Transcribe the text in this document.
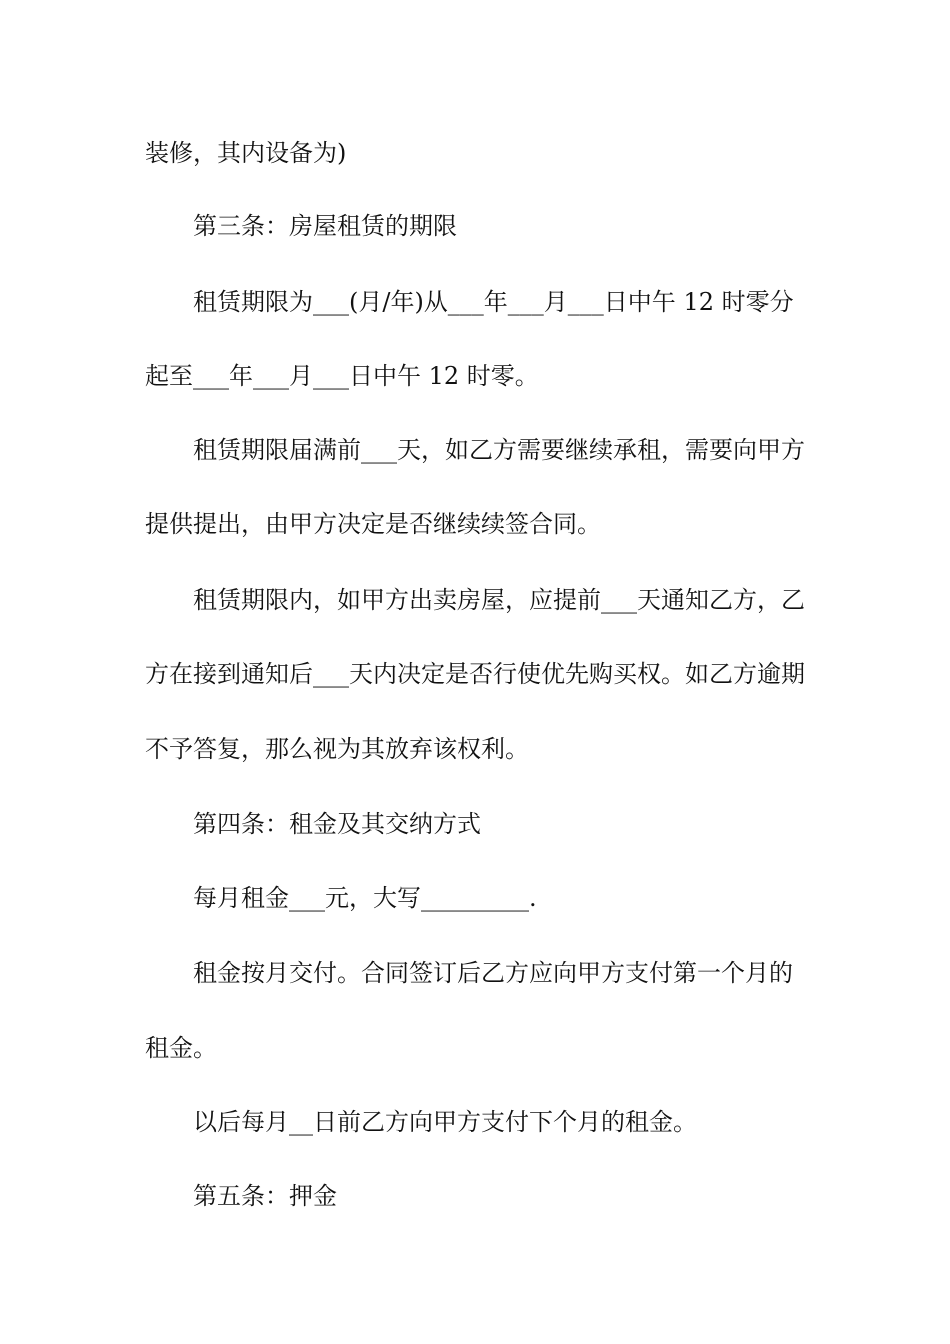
装修，其内设备为)
第三条：房屋租赁的期限
租赁期限为___(月/年)从___年___月___日中午 12 时零分
起至___年___月___日中午 12 时零。
租赁期限届满前___天，如乙方需要继续承租，需要向甲方
提供提出，由甲方决定是否继续续签合同。
租赁期限内，如甲方出卖房屋，应提前___天通知乙方，乙
方在接到通知后___天内决定是否行使优先购买权。如乙方逾期
不予答复，那么视为其放弃该权利。
第四条：租金及其交纳方式
每月租金___元，大写_________.
租金按月交付。合同签订后乙方应向甲方支付第一个月的
租金。
以后每月__日前乙方向甲方支付下个月的租金。
第五条：押金
